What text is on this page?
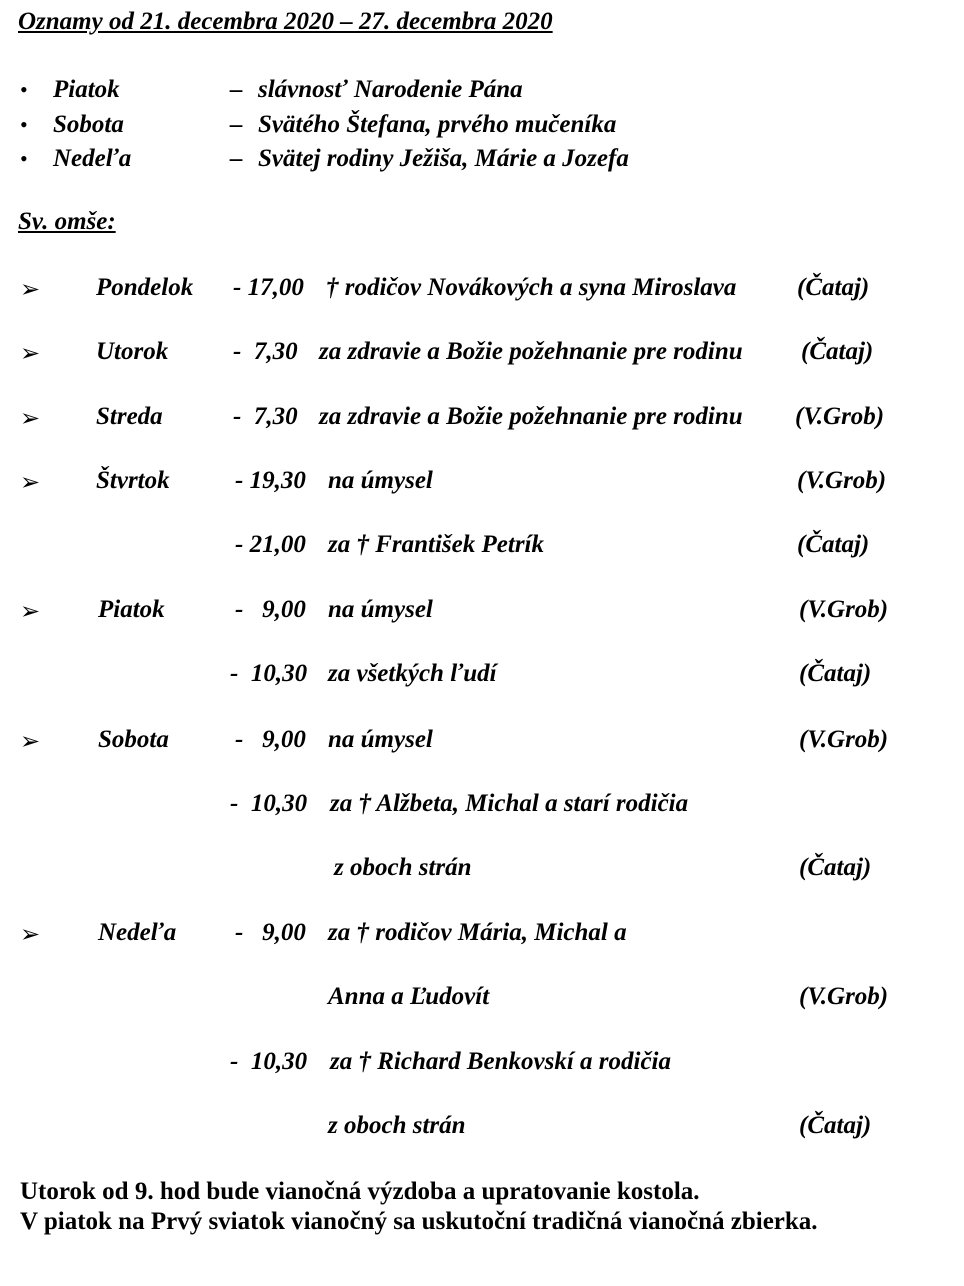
Oznamy od 21. decembra 2020 – 27. decembra 2020
• Piatok	– slávnosť Narodenie Pána
• Sobota	– Svätého Štefana, prvého mučeníka
• Nedeľa	– Svätej rodiny Ježiša, Márie a Jozefa
Sv. omše:
➢ Pondelok - 17,00 † rodičov Novákových a syna Miroslava (Čataj)
➢ Utorok	-  7,30 za zdravie a Božie požehnanie pre rodinu (Čataj)
➢ Streda	-  7,30 za zdravie a Božie požehnanie pre rodinu (V.Grob)
➢ Štvrtok	- 19,30 na úmysel	(V.Grob)
- 21,00 za † František Petrík	(Čataj)
➢ Piatok	-   9,00 na úmysel	(V.Grob)
-  10,30 za všetkých ľudí	(Čataj)
➢ Sobota	-   9,00 na úmysel	(V.Grob)
-  10,30 za † Alžbeta, Michal a starí rodičia
z oboch strán	(Čataj)
➢ Nedeľa -   9,00 za † rodičov Mária, Michal a
Anna a Ľudovít	(V.Grob)
-  10,30 za † Richard Benkovskí a rodičia
z oboch strán	(Čataj)
Utorok od 9. hod bude vianočná výzdoba a upratovanie kostola.
V piatok na Prvý sviatok vianočný sa uskutoční tradičná vianočná zbierka.
